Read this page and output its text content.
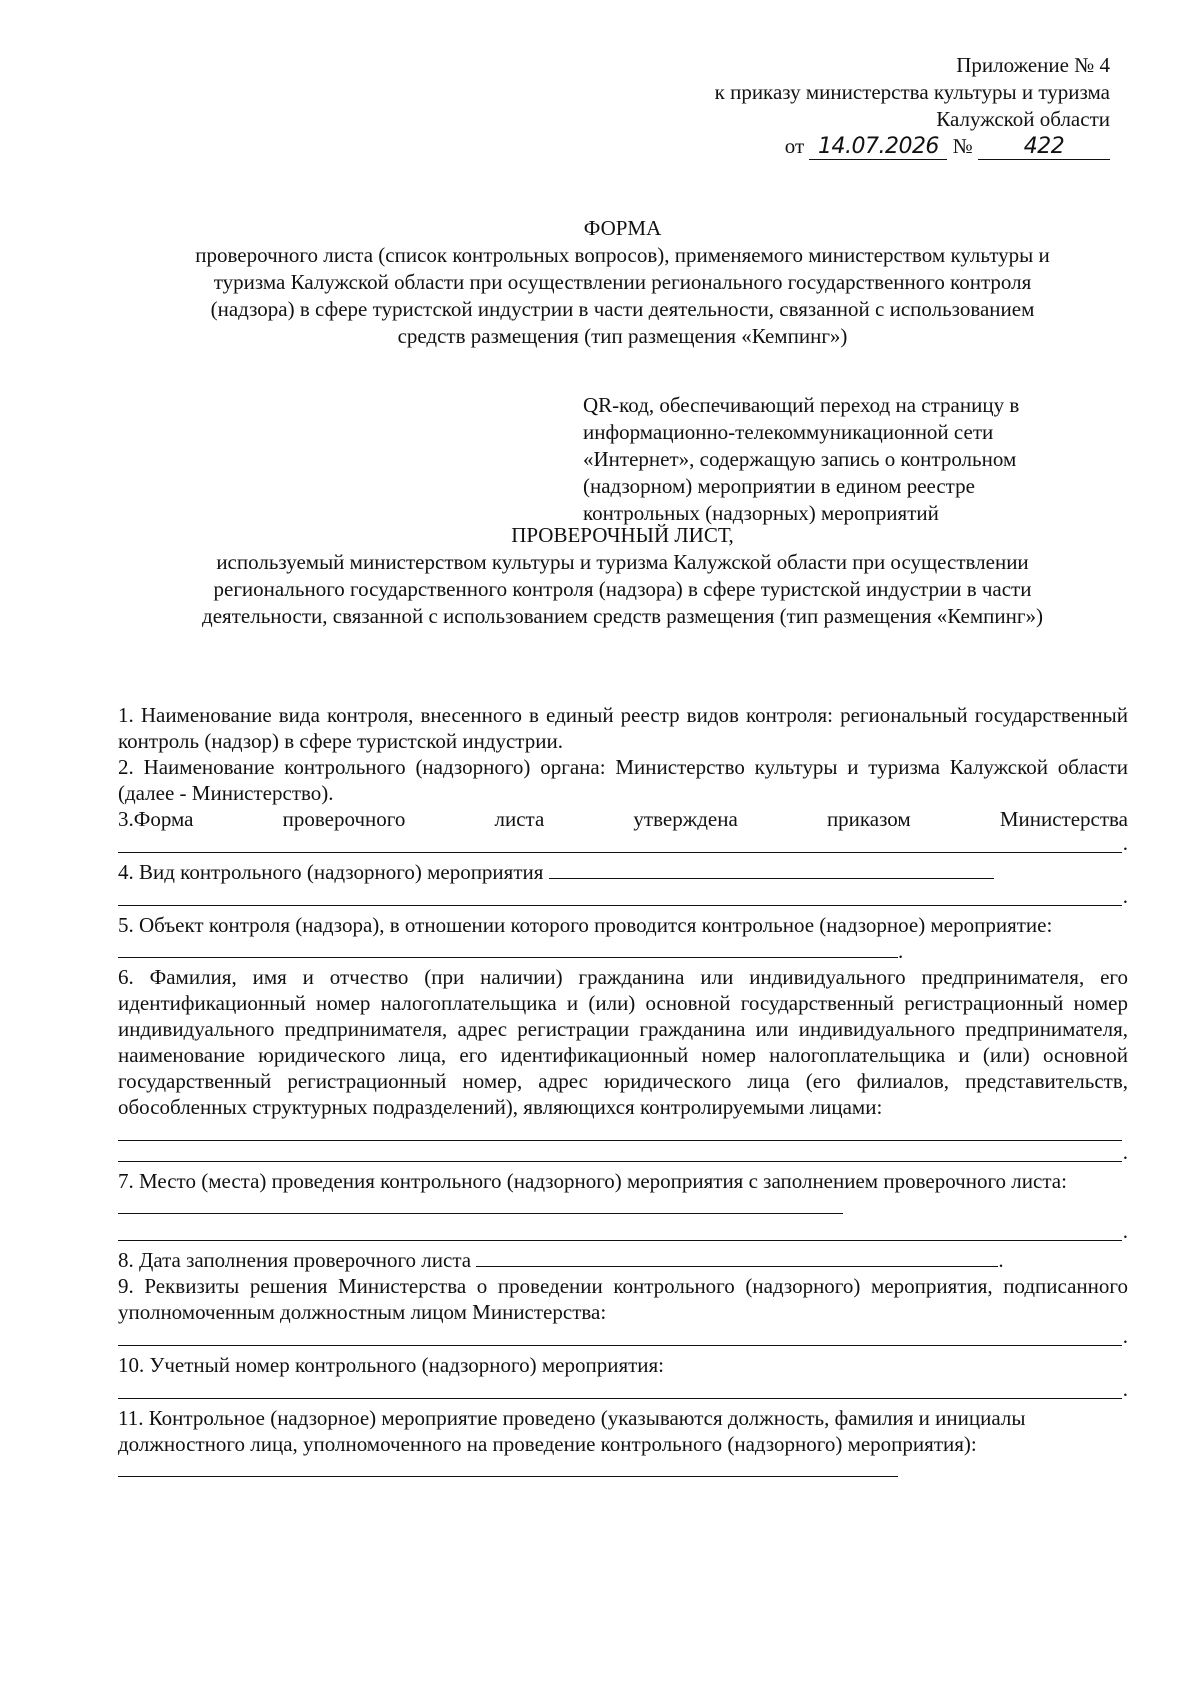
Приложение № 4
к приказу министерства культуры и туризма
Калужской области
от 14.07.2026 № 422
ФОРМА
проверочного листа (список контрольных вопросов), применяемого министерством культуры и
туризма Калужской области при осуществлении регионального государственного контроля
(надзора) в сфере туристской индустрии в части деятельности, связанной с использованием
средств размещения (тип размещения «Кемпинг»)
QR-код, обеспечивающий переход на страницу в
информационно-телекоммуникационной сети
«Интернет», содержащую запись о контрольном
(надзорном) мероприятии в едином реестре
контрольных (надзорных) мероприятий
ПРОВЕРОЧНЫЙ ЛИСТ,
используемый министерством культуры и туризма Калужской области при осуществлении
регионального государственного контроля (надзора) в сфере туристской индустрии в части
деятельности, связанной с использованием средств размещения (тип размещения «Кемпинг»)

1. Наименование вида контроля, внесенного в единый реестр видов контроля: региональный государственный контроль (надзор) в сфере туристской индустрии.

2. Наименование контрольного (надзорного) органа: Министерство культуры и туризма Калужской области (далее - Министерство).

3.Форма	проверочного	листа	утверждена	приказом	Министерства
.
4. Вид контрольного (надзорного) мероприятия
.

5. Объект контроля (надзора), в отношении которого проводится контрольное (надзорное) мероприятие:

.

6. Фамилия, имя и отчество (при наличии) гражданина или индивидуального предпринимателя, его идентификационный номер налогоплательщика и (или) основной государственный регистрационный номер индивидуального предпринимателя, адрес регистрации гражданина или индивидуального предпринимателя, наименование юридического лица, его идентификационный номер налогоплательщика и (или) основной государственный регистрационный номер, адрес юридического лица (его филиалов, представительств, обособленных структурных подразделений), являющихся контролируемыми лицами:

.

7. Место (места) проведения контрольного (надзорного) мероприятия с заполнением проверочного листа:

.
8. Дата заполнения проверочного листа	.

9. Реквизиты решения Министерства о проведении контрольного (надзорного) мероприятия, подписанного уполномоченным должностным лицом Министерства:

.

10. Учетный номер контрольного (надзорного) мероприятия:

.

11. Контрольное (надзорное) мероприятие проведено (указываются должность, фамилия и инициалы должностного лица, уполномоченного на проведение контрольного (надзорного) мероприятия):
